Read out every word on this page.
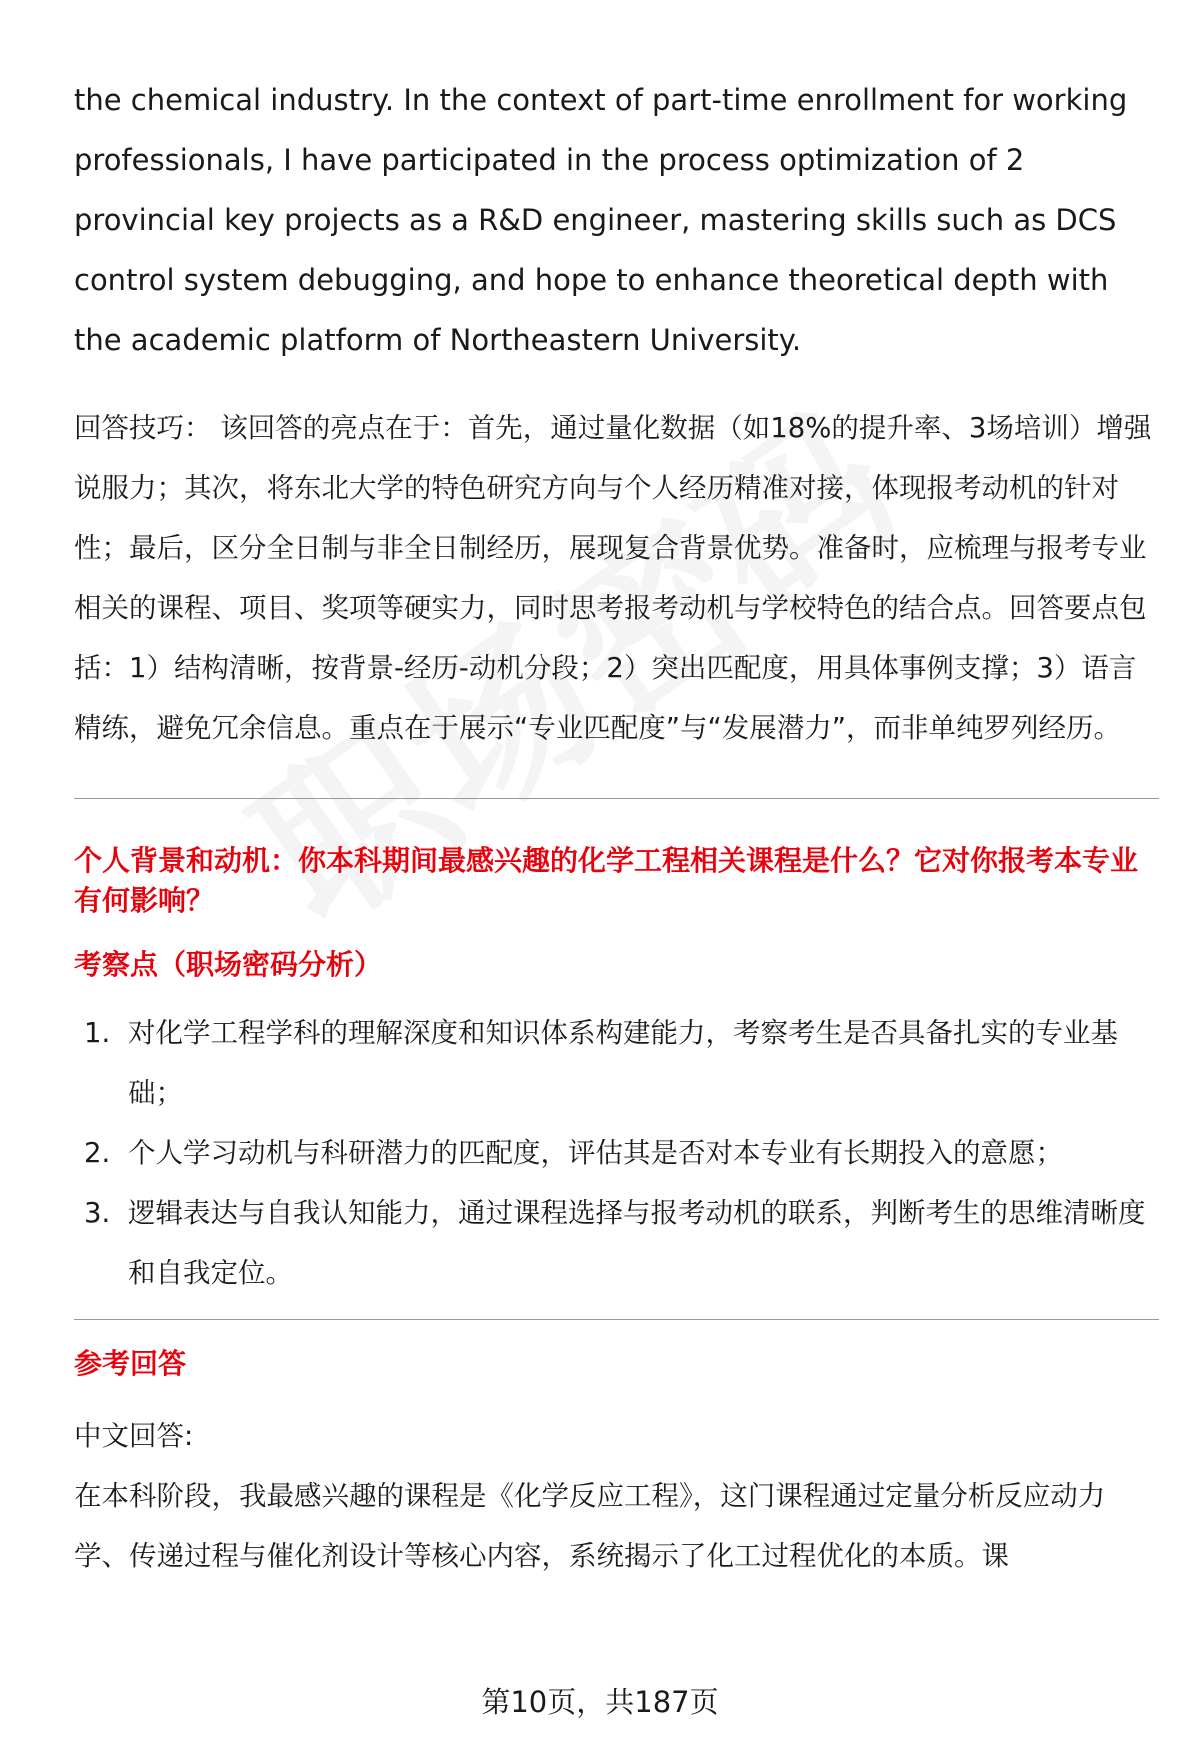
the chemical industry. In the context of part-time enrollment for working professionals, I have participated in the process optimization of 2 provincial key projects as a R&D engineer, mastering skills such as DCS control system debugging, and hope to enhance theoretical depth with the academic platform of Northeastern University.

回答技巧： 该回答的亮点在于：首先，通过量化数据（如18%的提升率、3场培训）增强说服力；其次，将东北大学的特色研究方向与个人经历精准对接，体现报考动机的针对性；最后，区分全日制与非全日制经历，展现复合背景优势。准备时，应梳理与报考专业相关的课程、项目、奖项等硬实力，同时思考报考动机与学校特色的结合点。回答要点包括：1）结构清晰，按背景-经历-动机分段；2）突出匹配度，用具体事例支撑；3）语言精练，避免冗余信息。重点在于展示“专业匹配度”与“发展潜力”，而非单纯罗列经历。

个人背景和动机：你本科期间最感兴趣的化学工程相关课程是什么？它对你报考本专业有何影响？

考察点（职场密码分析）

1. 对化学工程学科的理解深度和知识体系构建能力，考察考生是否具备扎实的专业基础；
2. 个人学习动机与科研潜力的匹配度，评估其是否对本专业有长期投入的意愿；
3. 逻辑表达与自我认知能力，通过课程选择与报考动机的联系，判断考生的思维清晰度和自我定位。

参考回答

中文回答:

在本科阶段，我最感兴趣的课程是《化学反应工程》，这门课程通过定量分析反应动力学、传递过程与催化剂设计等核心内容，系统揭示了化工过程优化的本质。课

第10页，共187页
